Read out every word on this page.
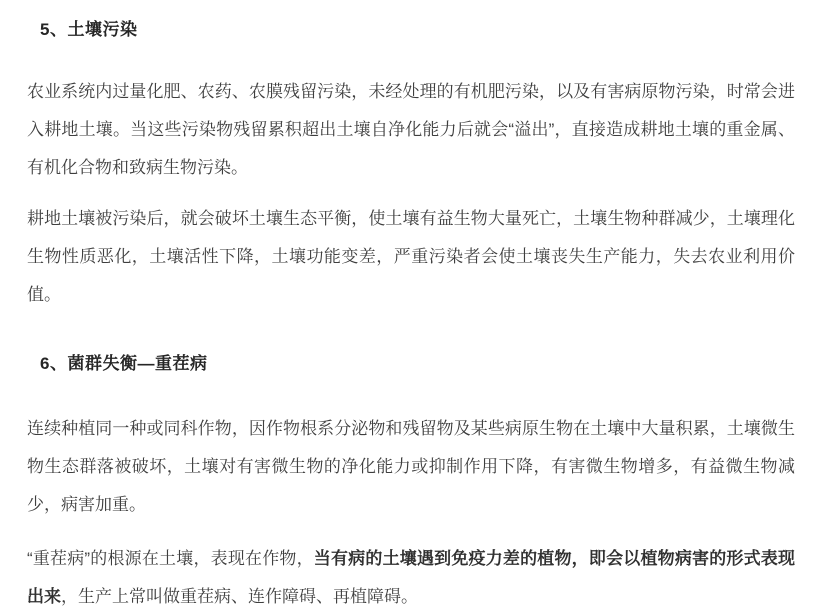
5、土壤污染

农业系统内过量化肥、农药、农膜残留污染，未经处理的有机肥污染，以及有害病原物污染，时常会进入耕地土壤。当这些污染物残留累积超出土壤自净化能力后就会“溢出”，直接造成耕地土壤的重金属、有机化合物和致病生物污染。

耕地土壤被污染后，就会破坏土壤生态平衡，使土壤有益生物大量死亡，土壤生物种群减少，土壤理化生物性质恶化，土壤活性下降，土壤功能变差，严重污染者会使土壤丧失生产能力，失去农业利用价值。

6、菌群失衡—重茬病

连续种植同一种或同科作物，因作物根系分泌物和残留物及某些病原生物在土壤中大量积累，土壤微生物生态群落被破坏，土壤对有害微生物的净化能力或抑制作用下降，有害微生物增多，有益微生物减少，病害加重。

“重茬病”的根源在土壤，表现在作物，当有病的土壤遇到免疫力差的植物，即会以植物病害的形式表现出来，生产上常叫做重茬病、连作障碍、再植障碍。
